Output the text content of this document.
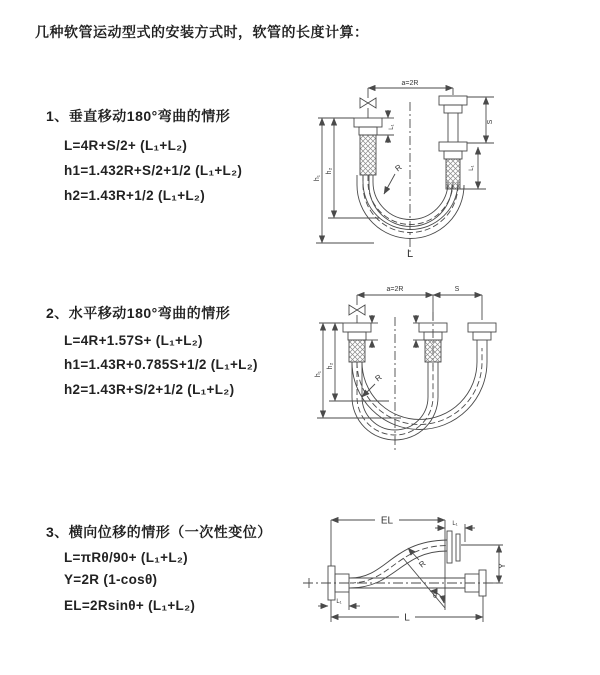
几种软管运动型式的安装方式时，软管的长度计算：
1、垂直移动180°弯曲的情形
L=4R+S/2+ (L₁+L₂)
h1=1.432R+S/2+1/2 (L₁+L₂)
h2=1.43R+1/2 (L₁+L₂)
2、水平移动180°弯曲的情形
L=4R+1.57S+ (L₁+L₂)
h1=1.43R+0.785S+1/2 (L₁+L₂)
h2=1.43R+S/2+1/2 (L₁+L₂)
3、横向位移的情形（一次性变位）
L=πRθ/90+ (L₁+L₂)
Y=2R (1-cosθ)
EL=2Rsinθ+ (L₁+L₂)
a=2R
S
L₁
L₁
h₁
h₂	R
L
a=2R	S
h₁
h₂
R
EL	L₁
Y
R
θ
L
L₁
